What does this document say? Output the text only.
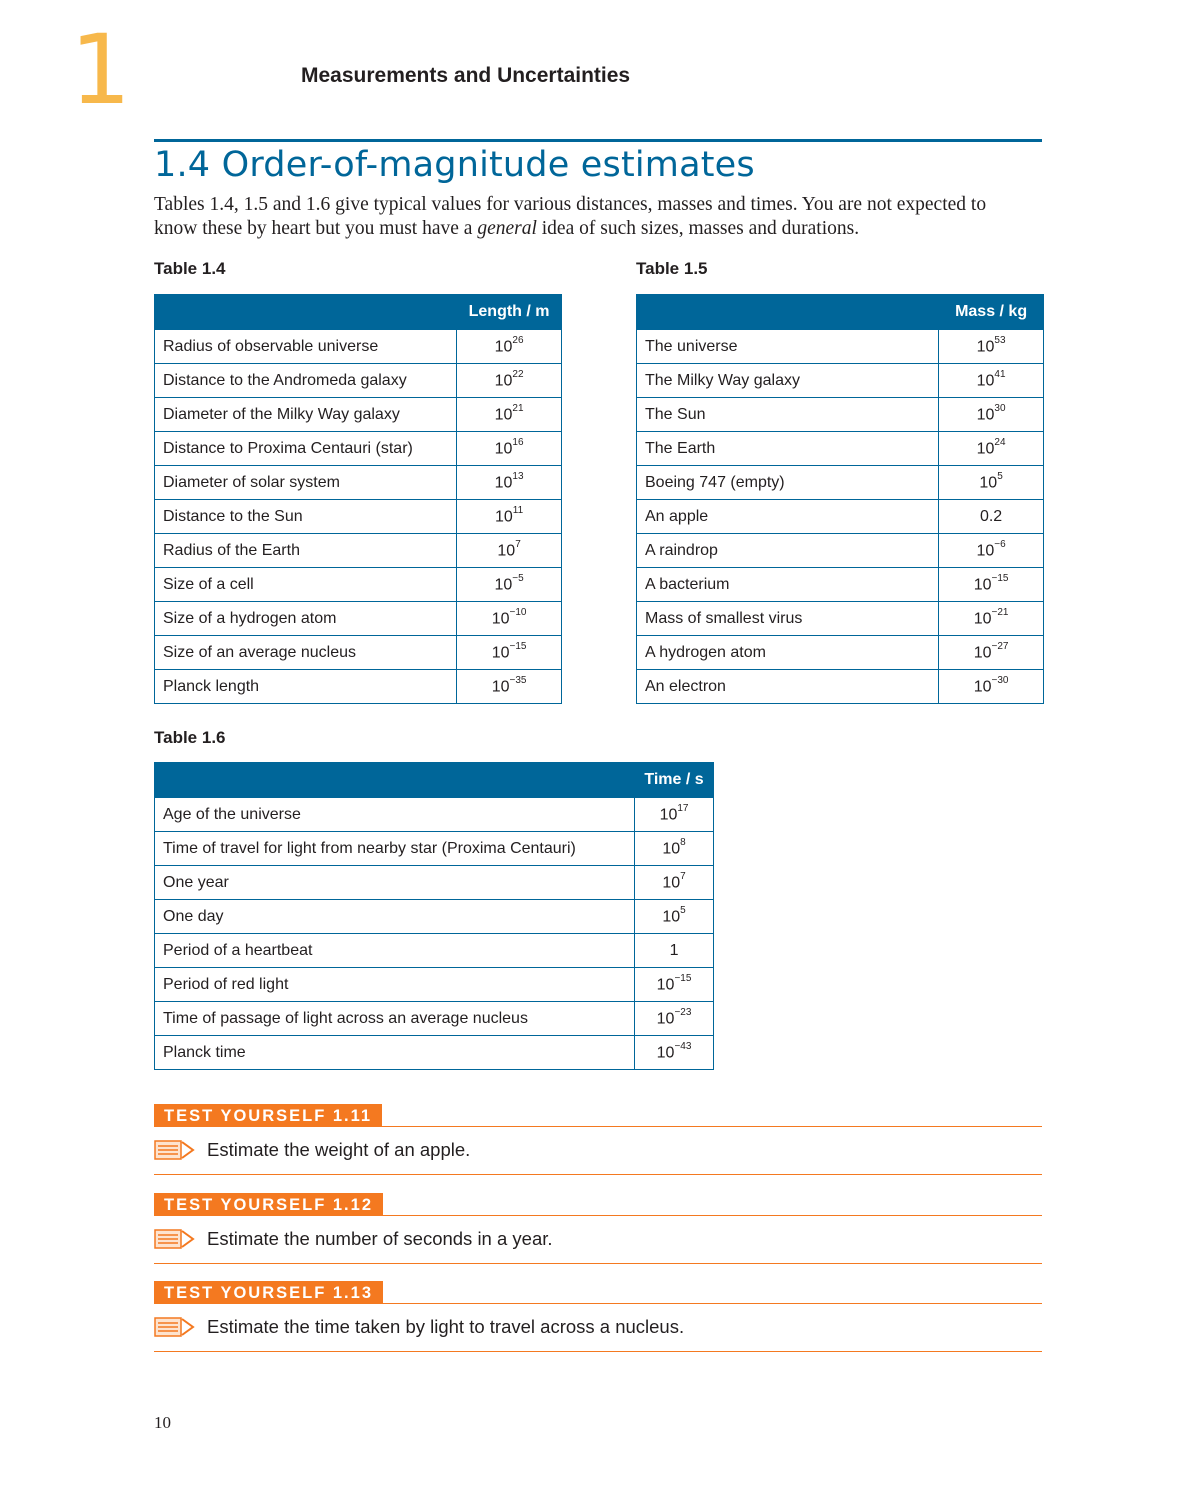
1	Measurements and Uncertainties
1.4 Order-of-magnitude estimates

Tables 1.4, 1.5 and 1.6 give typical values for various distances, masses and times. You are not expected to know these by heart but you must have a general idea of such sizes, masses and durations.

Table 1.4	Table 1.5
	Length / m
Radius of observable universe	$10^{26}$
Distance to the Andromeda galaxy	$10^{22}$
Diameter of the Milky Way galaxy	$10^{21}$
Distance to Proxima Centauri (star)	$10^{16}$
Diameter of solar system	$10^{13}$
Distance to the Sun	$10^{11}$
Radius of the Earth	$10^7$
Size of a cell	$10^{-5}$
Size of a hydrogen atom	$10^{-10}$
Size of an average nucleus	$10^{-15}$
Planck length	$10^{-35}$
	Mass / kg
The universe	$10^{53}$
The Milky Way galaxy	$10^{41}$
The Sun	$10^{30}$
The Earth	$10^{24}$
Boeing 747 (empty)	$10^5$
An apple	0.2
A raindrop	$10^{-6}$
A bacterium	$10^{-15}$
Mass of smallest virus	$10^{-21}$
A hydrogen atom	$10^{-27}$
An electron	$10^{-30}$
Table 1.6
	Time / s
Age of the universe	$10^{17}$
Time of travel for light from nearby star (Proxima Centauri)	$10^8$
One year	$10^7$
One day	$10^5$
Period of a heartbeat	1
Period of red light	$10^{-15}$
Time of passage of light across an average nucleus	$10^{-23}$
Planck time	$10^{-43}$
TEST YOURSELF 1.11
Estimate the weight of an apple.
TEST YOURSELF 1.12
Estimate the number of seconds in a year.
TEST YOURSELF 1.13
Estimate the time taken by light to travel across a nucleus.
10
